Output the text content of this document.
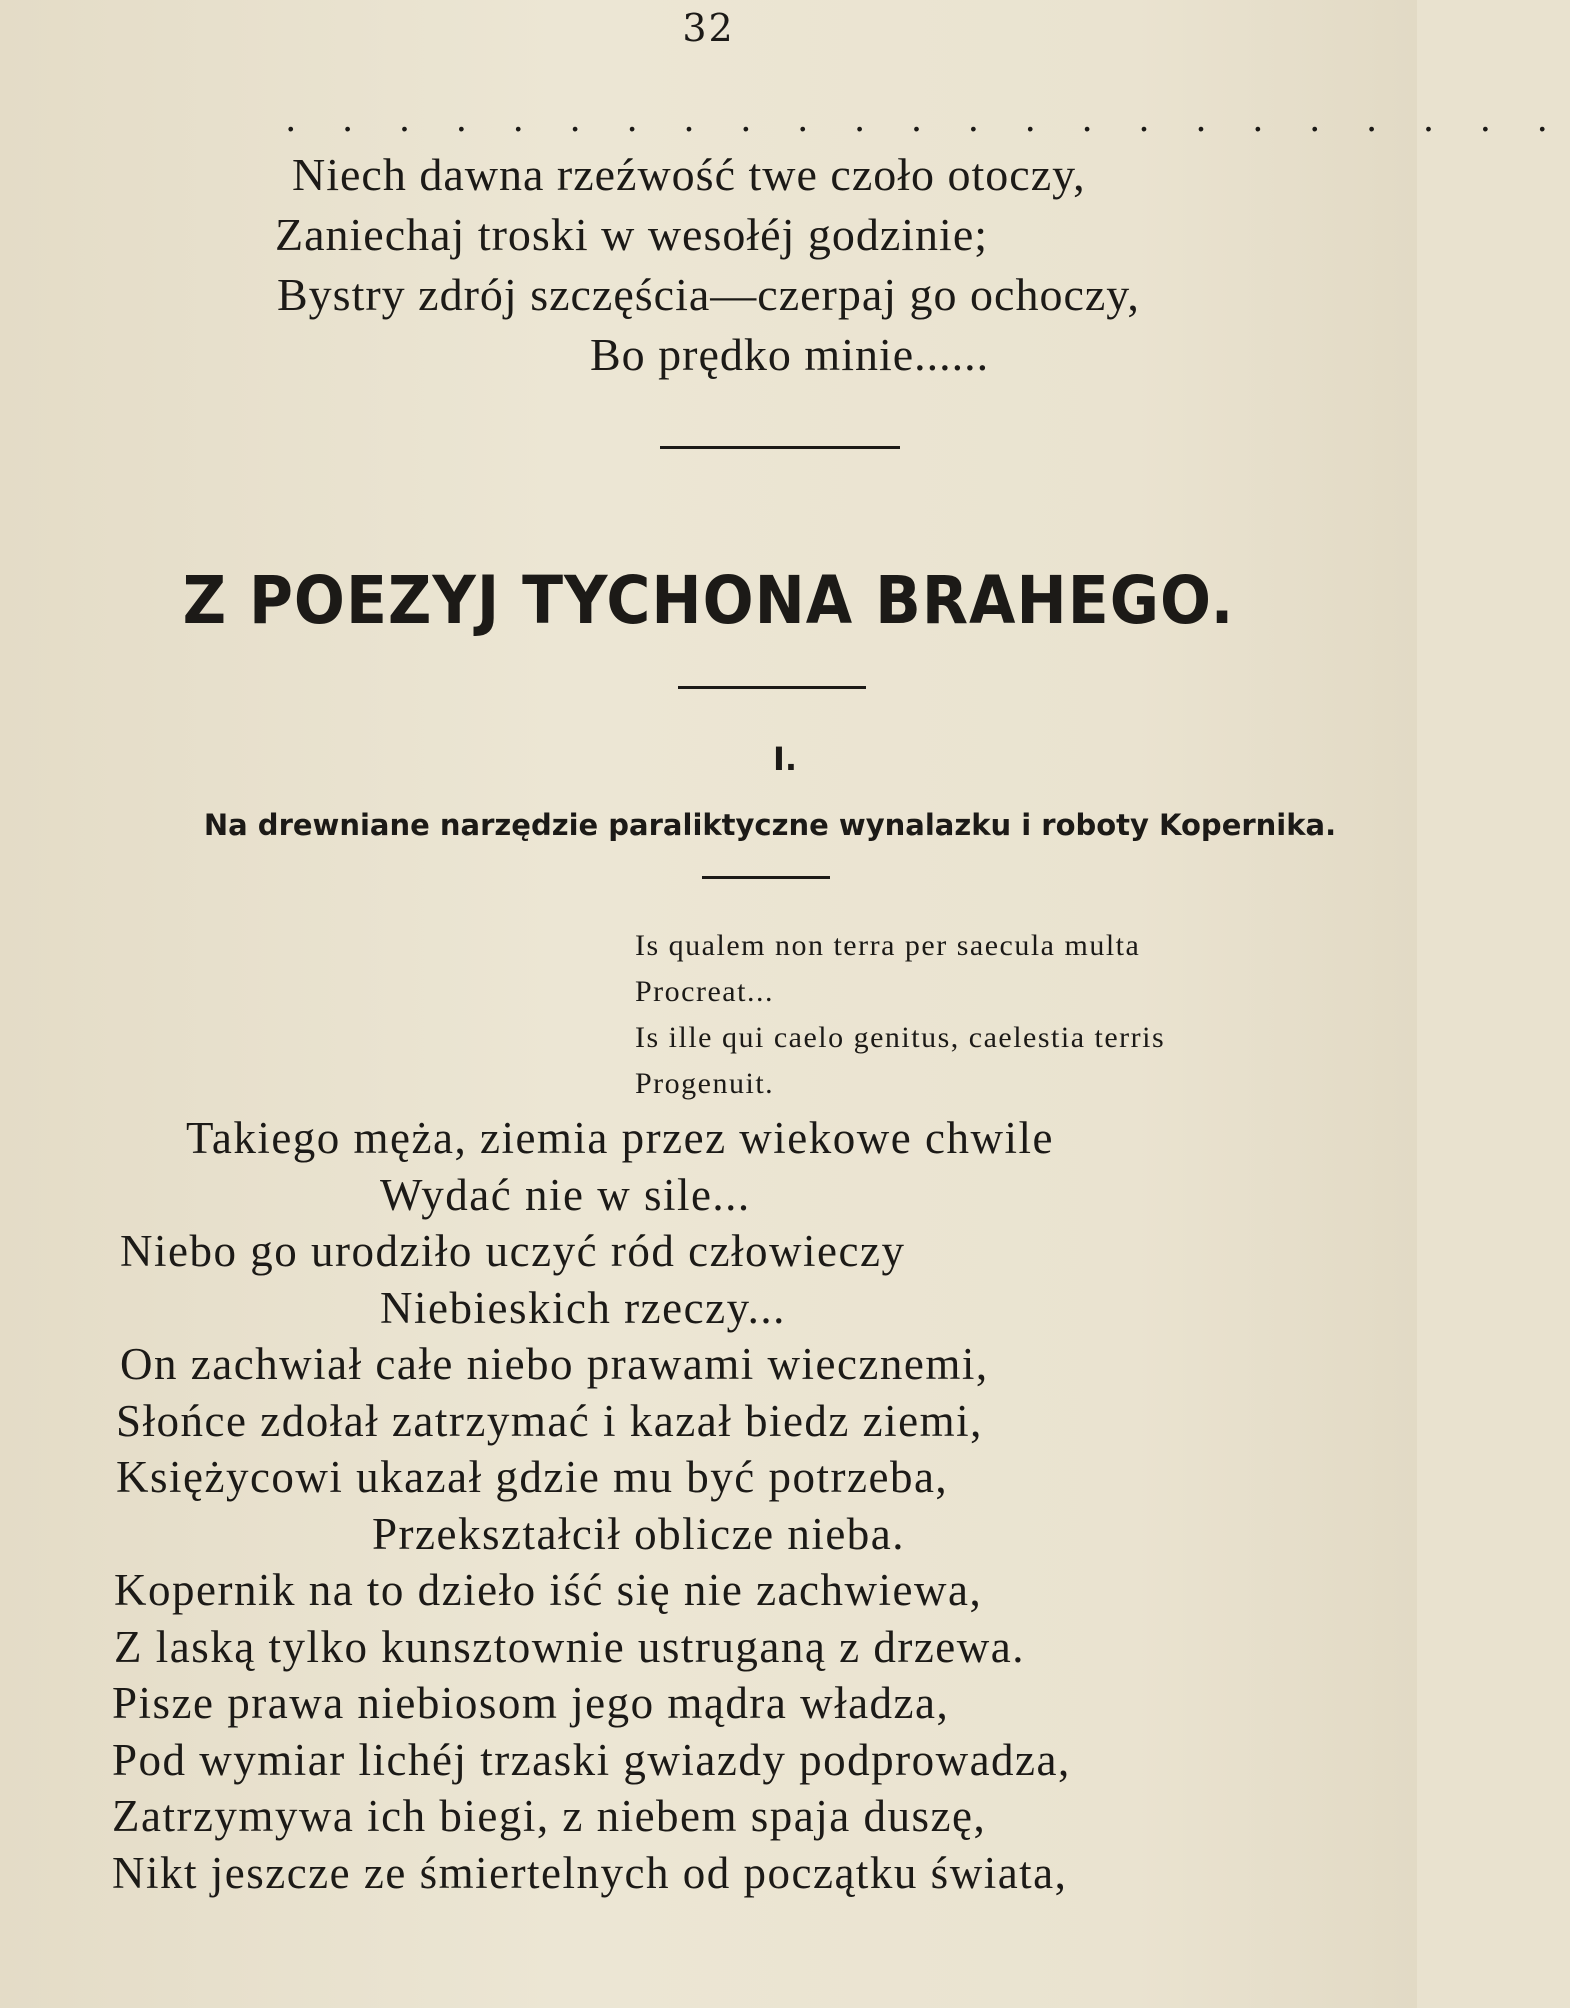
32
. . . . . . . . . . . . . . . . . . . . . . .
Niech dawna rzeźwość twe czoło otoczy,
Zaniechaj troski w wesołéj godzinie;
Bystry zdrój szczęścia—czerpaj go ochoczy,
Bo prędko minie......
Z POEZYJ TYCHONA BRAHEGO.
I.
Na drewniane narzędzie paraliktyczne wynalazku i roboty Kopernika.
Is qualem non terra per saecula multa
Procreat...
Is ille qui caelo genitus, caelestia terris
Progenuit.
Takiego męża, ziemia przez wiekowe chwile
Wydać nie w sile...
Niebo go urodziło uczyć ród człowieczy
Niebieskich rzeczy...
On zachwiał całe niebo prawami wiecznemi,
Słońce zdołał zatrzymać i kazał biedz ziemi,
Księżycowi ukazał gdzie mu być potrzeba,
Przekształcił oblicze nieba.
Kopernik na to dzieło iść się nie zachwiewa,
Z laską tylko kunsztownie ustruganą z drzewa.
Pisze prawa niebiosom jego mądra władza,
Pod wymiar lichéj trzaski gwiazdy podprowadza,
Zatrzymywa ich biegi, z niebem spaja duszę,
Nikt jeszcze ze śmiertelnych od początku świata,
